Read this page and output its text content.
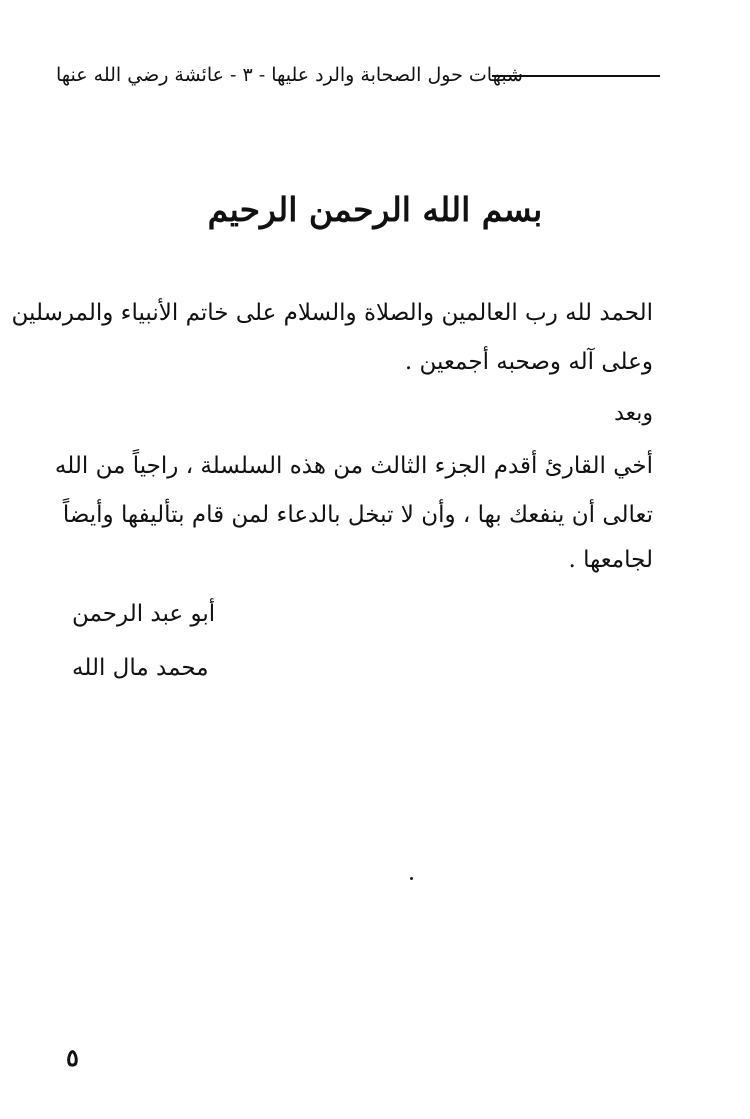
شبهات حول الصحابة والرد عليها - ٣ - عائشة رضي الله عنها
بسم الله الرحمن الرحيم
الحمد لله رب العالمين والصلاة والسلام على خاتم الأنبياء والمرسلين
وعلى آله وصحبه أجمعين .
وبعد
أخي القارئ أقدم الجزء الثالث من هذه السلسلة ، راجياً من الله
تعالى أن ينفعك بها ، وأن لا تبخل بالدعاء لمن قام بتأليفها وأيضاً
لجامعها .
أبو عبد الرحمن
محمد مال الله
٥
